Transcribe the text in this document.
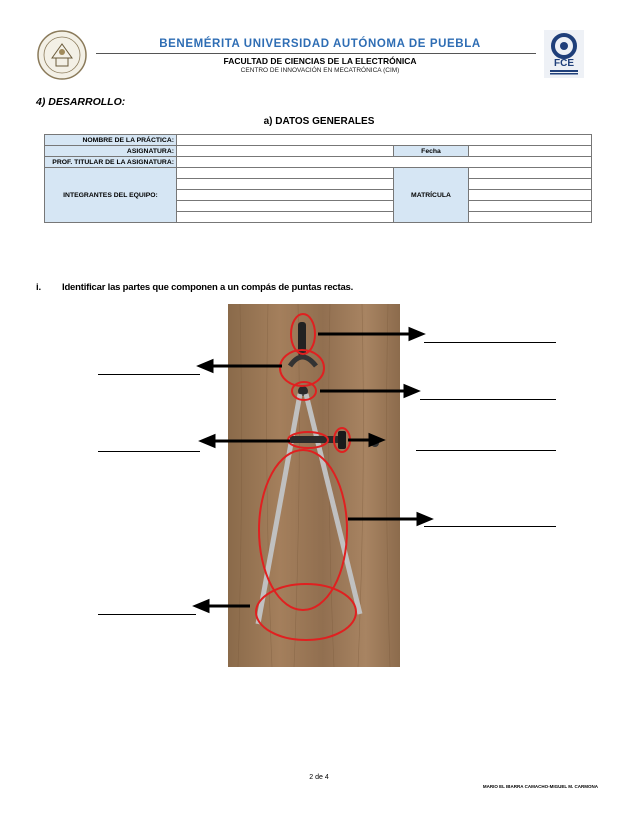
FCE
BENEMÉRITA UNIVERSIDAD AUTÓNOMA DE PUEBLA
FACULTAD DE CIENCIAS DE LA ELECTRÓNICA
CENTRO DE INNOVACIÓN EN MECATRÓNICA (CIM)
4) DESARROLLO:
a) DATOS GENERALES
NOMBRE DE LA PRÁCTICA:			
ASIGNATURA:		Fecha	
PROF. TITULAR DE LA ASIGNATURA:			
INTEGRANTES DEL EQUIPO:		MATRÍCULA	

i. Identificar las partes que componen a un compás de puntas rectas.
2 de 4
MARIO EL IBARRA CAMACHO-MIGUEL M. CARMONA
